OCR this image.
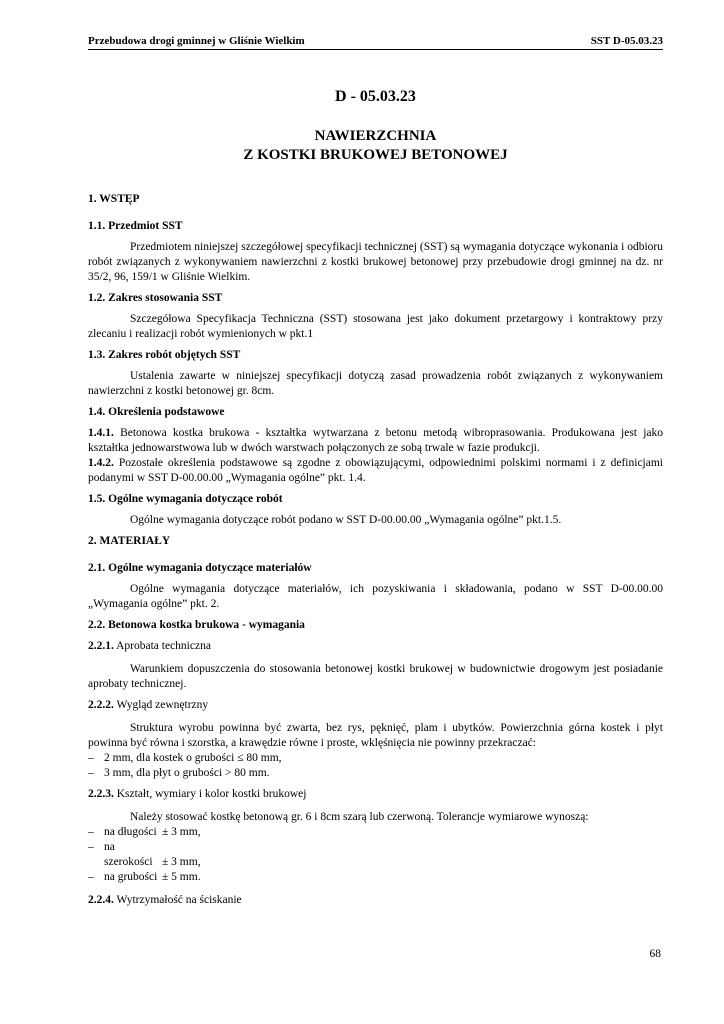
Przebudowa drogi gminnej w Gliśnie Wielkim	SST D-05.03.23
D - 05.03.23
NAWIERZCHNIA
Z KOSTKI BRUKOWEJ BETONOWEJ

1. WSTĘP

1.1. Przedmiot SST

Przedmiotem niniejszej szczegółowej specyfikacji technicznej (SST) są wymagania dotyczące wykonania i odbioru robót związanych z wykonywaniem nawierzchni z kostki brukowej betonowej przy przebudowie drogi gminnej na dz. nr 35/2, 96, 159/1 w Gliśnie Wielkim.

1.2. Zakres stosowania SST

Szczegółowa Specyfikacja Techniczna (SST) stosowana jest jako dokument przetargowy i kontraktowy przy zlecaniu i realizacji robót wymienionych w pkt.1

1.3. Zakres robót objętych SST

Ustalenia zawarte w niniejszej specyfikacji dotyczą zasad prowadzenia robót związanych z wykonywaniem nawierzchni z kostki betonowej gr. 8cm.

1.4. Określenia podstawowe

1.4.1. Betonowa kostka brukowa - kształtka wytwarzana z betonu metodą wibroprasowania. Produkowana jest jako kształtka jednowarstwowa lub w dwóch warstwach połączonych ze sobą trwale w fazie produkcji.

1.4.2. Pozostałe określenia podstawowe są zgodne z obowiązującymi, odpowiednimi polskimi normami i z definicjami podanymi w SST D-00.00.00 „Wymagania ogólne” pkt. 1.4.

1.5. Ogólne wymagania dotyczące robót

Ogólne wymagania dotyczące robót podano w SST D-00.00.00 „Wymagania ogólne” pkt.1.5.

2. MATERIAŁY

2.1. Ogólne wymagania dotyczące materiałów

Ogólne wymagania dotyczące materiałów, ich pozyskiwania i składowania, podano w SST D-00.00.00 „Wymagania ogólne” pkt. 2.

2.2. Betonowa kostka brukowa - wymagania

2.2.1. Aprobata techniczna

Warunkiem dopuszczenia do stosowania betonowej kostki brukowej w budownictwie drogowym jest posiadanie aprobaty technicznej.

2.2.2. Wygląd zewnętrzny

Struktura wyrobu powinna być zwarta, bez rys, pęknięć, plam i ubytków. Powierzchnia górna kostek i płyt powinna być równa i szorstka, a krawędzie równe i proste, wklęśnięcia nie powinny przekraczać:

– 2 mm, dla kostek o grubości ≤ 80 mm,

– 3 mm, dla płyt o grubości > 80 mm.

2.2.3. Kształt, wymiary i kolor kostki brukowej

Należy stosować kostkę betonową gr. 6 i 8cm szarą lub czerwoną. Tolerancje wymiarowe wynoszą:

– na długości ± 3 mm,

– na szerokości ± 3 mm,

– na grubości ± 5 mm.

2.2.4. Wytrzymałość na ściskanie

68
